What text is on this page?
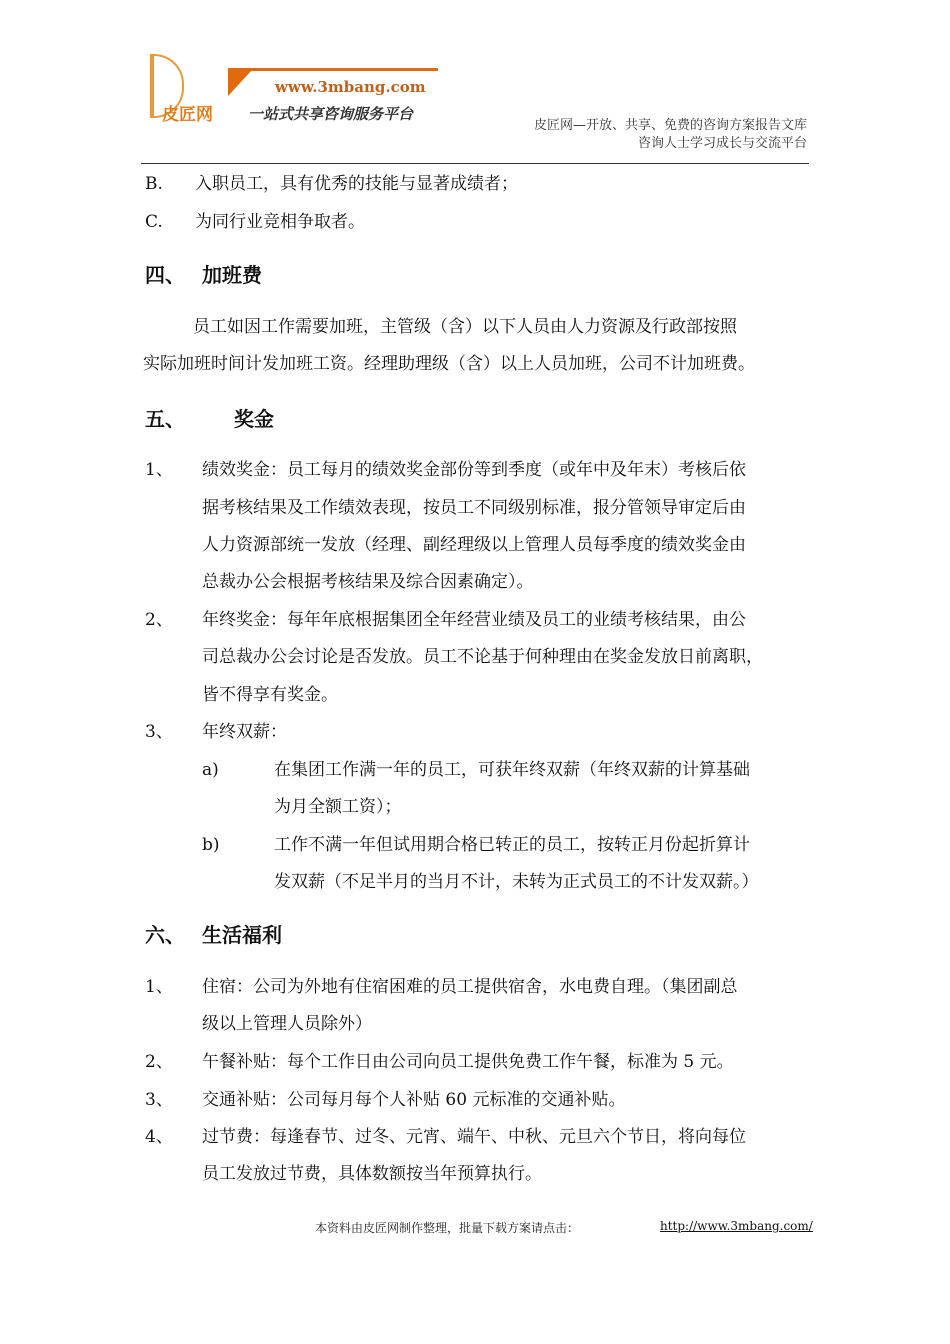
皮匠网
www.3mbang.com
一站式共享咨询服务平台
皮匠网—开放、共享、免费的咨询方案报告文库
咨询人士学习成长与交流平台
B. 入职员工，具有优秀的技能与显著成绩者；
C. 为同行业竞相争取者。
四、 加班费
员工如因工作需要加班，主管级（含）以下人员由人力资源及行政部按照
实际加班时间计发加班工资。经理助理级（含）以上人员加班，公司不计加班费。
五、 奖金
1、 绩效奖金：员工每月的绩效奖金部份等到季度（或年中及年末）考核后依
据考核结果及工作绩效表现，按员工不同级别标准，报分管领导审定后由
人力资源部统一发放（经理、副经理级以上管理人员每季度的绩效奖金由
总裁办公会根据考核结果及综合因素确定）。
2、 年终奖金：每年年底根据集团全年经营业绩及员工的业绩考核结果，由公
司总裁办公会讨论是否发放。员工不论基于何种理由在奖金发放日前离职，
皆不得享有奖金。
3、 年终双薪：
a)	在集团工作满一年的员工，可获年终双薪（年终双薪的计算基础
为月全额工资）；
b)	工作不满一年但试用期合格已转正的员工，按转正月份起折算计
发双薪（不足半月的当月不计，未转为正式员工的不计发双薪。）
六、 生活福利
1、 住宿：公司为外地有住宿困难的员工提供宿舍，水电费自理。（集团副总
级以上管理人员除外）
2、 午餐补贴：每个工作日由公司向员工提供免费工作午餐，标准为 5 元。
3、 交通补贴：公司每月每个人补贴 60 元标准的交通补贴。
4、 过节费：每逢春节、过冬、元宵、端午、中秋、元旦六个节日，将向每位
员工发放过节费，具体数额按当年预算执行。
本资料由皮匠网制作整理，批量下载方案请点击：	http://www.3mbang.com/
